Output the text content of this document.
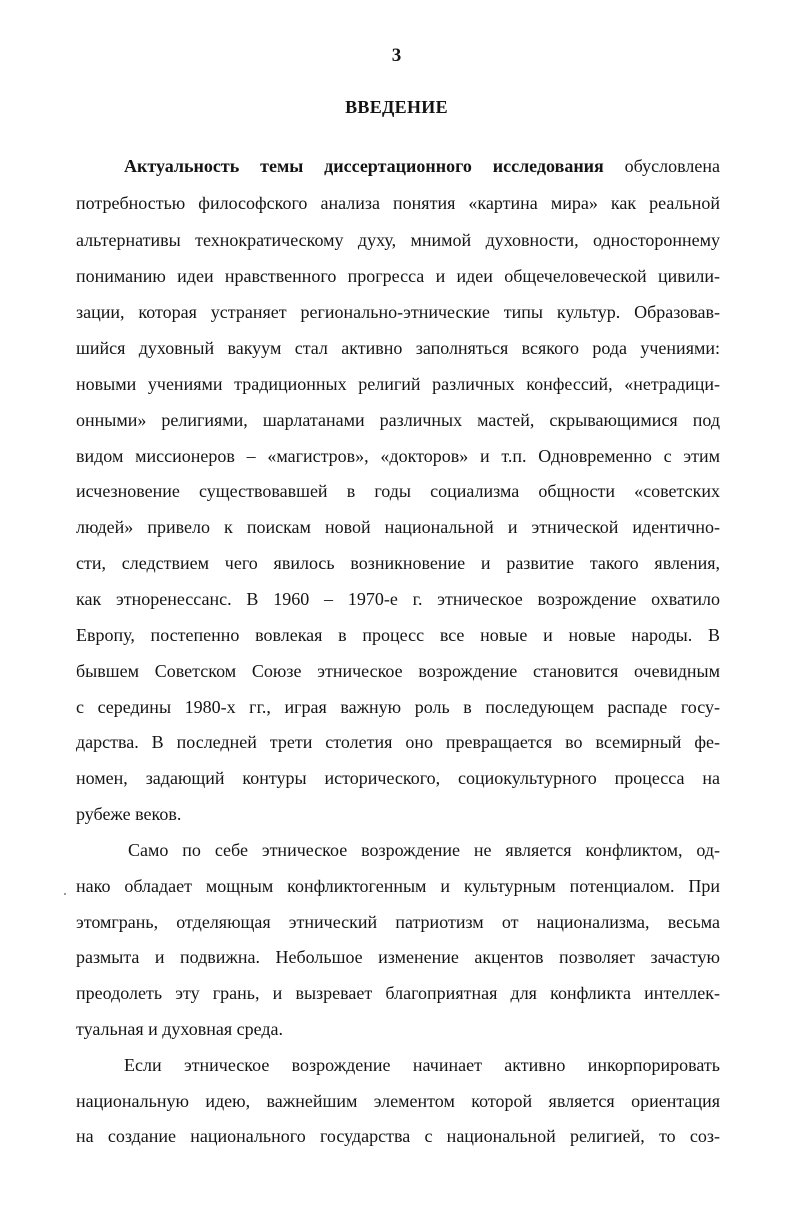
3
ВВЕДЕНИЕ
Актуальность темы диссертационного исследования обусловлена
потребностью философского анализа понятия «картина мира» как реальной
альтернативы технократическому духу, мнимой духовности, одностороннему
пониманию идеи нравственного прогресса и идеи общечеловеческой цивили-
зации, которая устраняет регионально-этнические типы культур. Образовав-
шийся духовный вакуум стал активно заполняться всякого рода учениями:
новыми учениями традиционных религий различных конфессий, «нетрадици-
онными» религиями, шарлатанами различных мастей, скрывающимися под
видом миссионеров – «магистров», «докторов» и т.п. Одновременно с этим
исчезновение существовавшей в годы социализма общности «советских
людей» привело к поискам новой национальной и этнической идентично-
сти, следствием чего явилось возникновение и развитие такого явления,
как этноренессанс. В 1960 – 1970-е г. этническое возрождение охватило
Европу, постепенно вовлекая в процесс все новые и новые народы. В
бывшем Советском Союзе этническое возрождение становится очевидным
с середины 1980-х гг., играя важную роль в последующем распаде госу-
дарства. В последней трети столетия оно превращается во всемирный фе-
номен, задающий контуры исторического, социокультурного процесса на
рубеже веков.
Само по себе этническое возрождение не является конфликтом, од-
нако обладает мощным конфликтогенным и культурным потенциалом. При
этомгрань, отделяющая этнический патриотизм от национализма, весьма
размыта и подвижна. Небольшое изменение акцентов позволяет зачастую
преодолеть эту грань, и вызревает благоприятная для конфликта интеллек-
туальная и духовная среда.
Если этническое возрождение начинает активно инкорпорировать
национальную идею, важнейшим элементом которой является ориентация
на создание национального государства с национальной религией, то соз-
